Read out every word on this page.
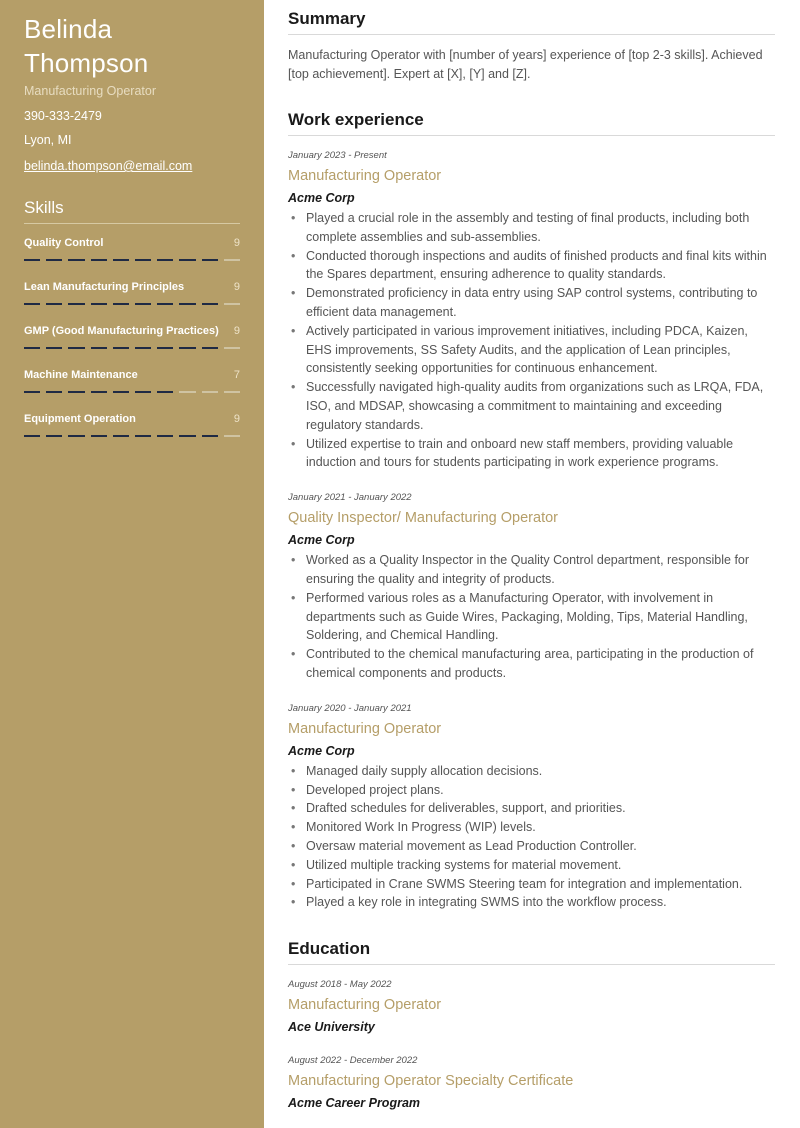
Belinda Thompson
Manufacturing Operator
390-333-2479
Lyon, MI
belinda.thompson@email.com
Skills
Quality Control	9
Lean Manufacturing Principles	9
GMP (Good Manufacturing Practices) 9
Machine Maintenance	7
Equipment Operation	9
Summary

Manufacturing Operator with [number of years] experience of [top 2-3 skills]. Achieved [top achievement]. Expert at [X], [Y] and [Z].

Work experience
January 2023 - Present
Manufacturing Operator
Acme Corp
• Played a crucial role in the assembly and testing of final products, including both complete assemblies and sub-assemblies.
• Conducted thorough inspections and audits of finished products and final kits within the Spares department, ensuring adherence to quality standards.
• Demonstrated proficiency in data entry using SAP control systems, contributing to efficient data management.
• Actively participated in various improvement initiatives, including PDCA, Kaizen, EHS improvements, SS Safety Audits, and the application of Lean principles, consistently seeking opportunities for continuous enhancement.
• Successfully navigated high-quality audits from organizations such as LRQA, FDA, ISO, and MDSAP, showcasing a commitment to maintaining and exceeding regulatory standards.
• Utilized expertise to train and onboard new staff members, providing valuable induction and tours for students participating in work experience programs.
January 2021 - January 2022
Quality Inspector/ Manufacturing Operator
Acme Corp
• Worked as a Quality Inspector in the Quality Control department, responsible for ensuring the quality and integrity of products.
• Performed various roles as a Manufacturing Operator, with involvement in departments such as Guide Wires, Packaging, Molding, Tips, Material Handling, Soldering, and Chemical Handling.
• Contributed to the chemical manufacturing area, participating in the production of chemical components and products.
January 2020 - January 2021
Manufacturing Operator
Acme Corp
• Managed daily supply allocation decisions.
• Developed project plans.
• Drafted schedules for deliverables, support, and priorities.
• Monitored Work In Progress (WIP) levels.
• Oversaw material movement as Lead Production Controller.
• Utilized multiple tracking systems for material movement.
• Participated in Crane SWMS Steering team for integration and implementation.
• Played a key role in integrating SWMS into the workflow process.
Education
August 2018 - May 2022
Manufacturing Operator
Ace University
August 2022 - December 2022
Manufacturing Operator Specialty Certificate
Acme Career Program
